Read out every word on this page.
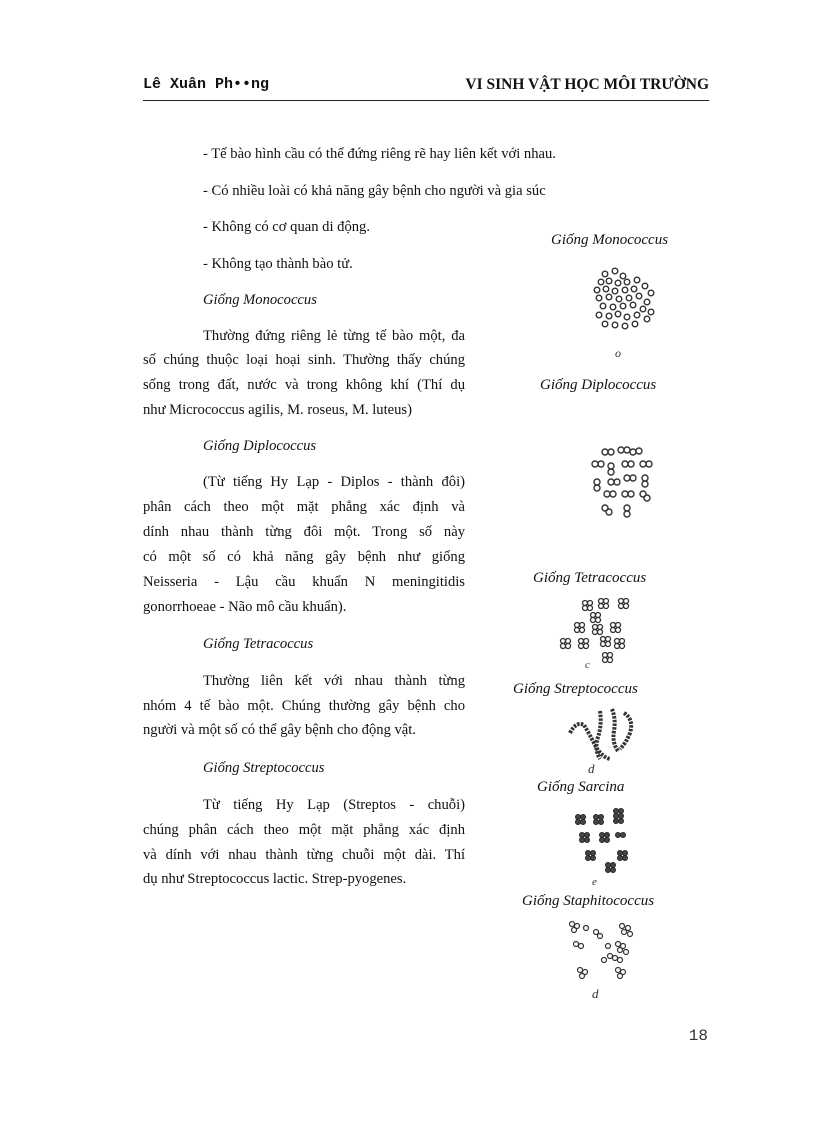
Lê Xuân Ph••ng	VI SINH VẬT HỌC MÔI TRƯỜNG
- Tế bào hình cầu có thể đứng riêng rẽ hay liên kết với nhau.
- Có nhiều loài có khả năng gây bệnh cho người và gia súc
- Không có cơ quan di động.
- Không tạo thành bào tử.
Giống Monococcus
Thường đứng riêng lẻ từng tế bào một, đa
số chúng thuộc loại hoại sinh. Thường thấy chúng
sống trong đất, nước và trong không khí (Thí dụ
như Micrococcus agilis, M. roseus, M. luteus)
Giống Diplococcus
(Từ tiếng Hy Lạp - Diplos - thành đôi)
phân cách theo một mặt phẳng xác định và
dính nhau thành từng đôi một. Trong số này
có một số có khả năng gây bệnh như giống
Neisseria - Lậu cầu khuẩn N meningitidis
gonorrhoeae - Não mô cầu khuẩn).
Giống Tetracoccus
Thường liên kết với nhau thành từng
nhóm 4 tế bào một. Chúng thường gây bệnh cho
người và một số có thể gây bệnh cho động vật.
Giống Streptococcus
Từ tiếng Hy Lạp (Streptos - chuỗi)
chúng phân cách theo một mặt phẳng xác định
và dính với nhau thành từng chuỗi một dài. Thí
dụ như Streptococcus lactic. Strep-pyogenes.
Giống Monococcus
Giống Diplococcus
Giống Tetracoccus
Giống Streptococcus
Giống Sarcina
Giống Staphitococcus
o
c
d
e
d
18
